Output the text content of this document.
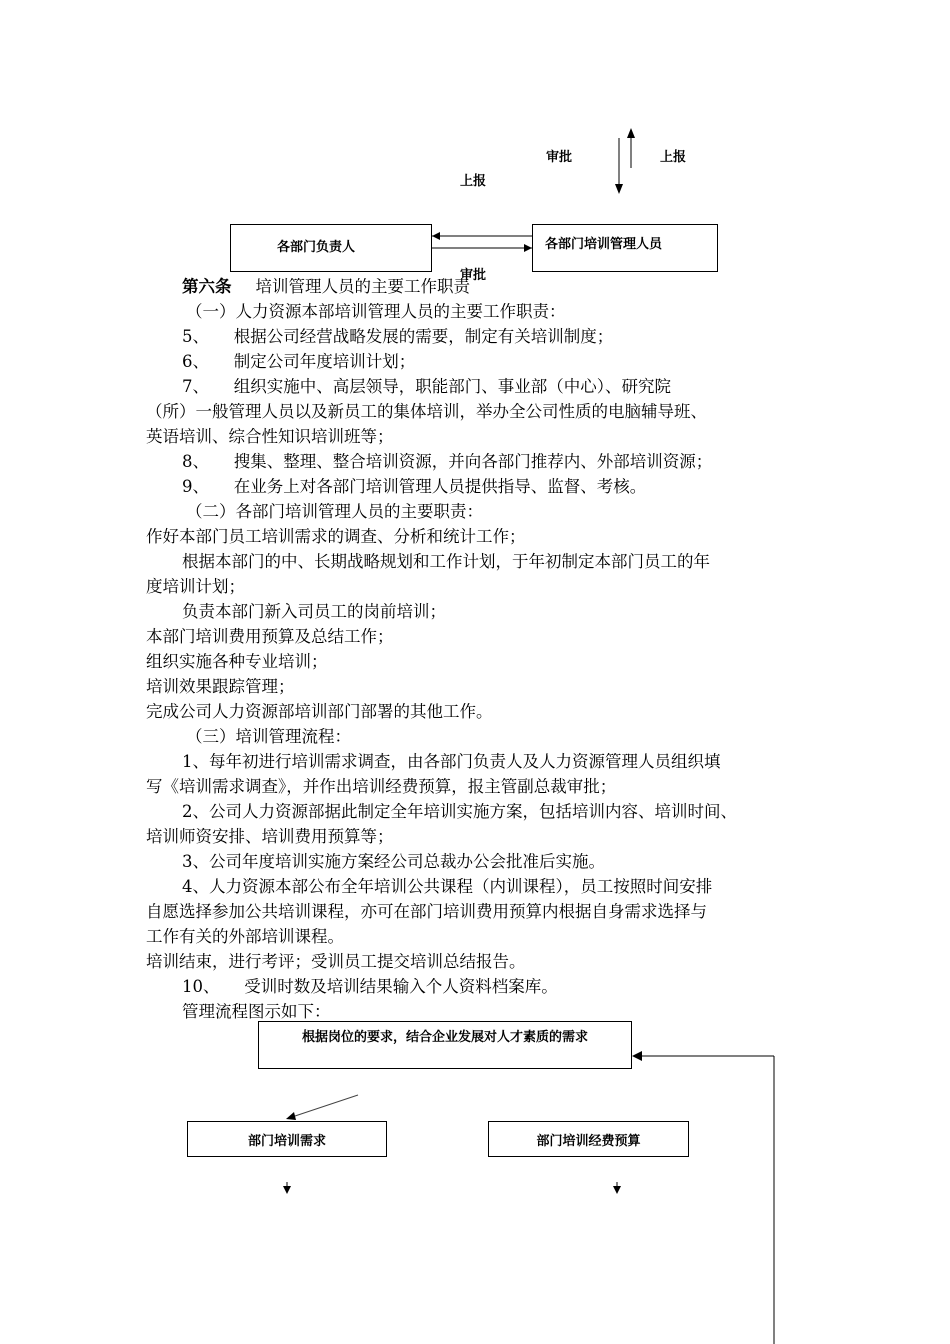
审批	上报
上报
各部门负责人	各部门培训管理人员
审批
第六条 培训管理人员的主要工作职责
（一）人力资源本部培训管理人员的主要工作职责：
5、　　根据公司经营战略发展的需要，制定有关培训制度；
6、　　制定公司年度培训计划；
7、　　组织实施中、高层领导，职能部门、事业部（中心）、研究院
（所）一般管理人员以及新员工的集体培训，举办全公司性质的电脑辅导班、
英语培训、综合性知识培训班等；
8、　　搜集、整理、整合培训资源，并向各部门推荐内、外部培训资源；
9、　　在业务上对各部门培训管理人员提供指导、监督、考核。
（二）各部门培训管理人员的主要职责：
作好本部门员工培训需求的调查、分析和统计工作；
根据本部门的中、长期战略规划和工作计划，于年初制定本部门员工的年
度培训计划；
负责本部门新入司员工的岗前培训；
本部门培训费用预算及总结工作；
组织实施各种专业培训；
培训效果跟踪管理；
完成公司人力资源部培训部门部署的其他工作。
（三）培训管理流程：
1、每年初进行培训需求调查，由各部门负责人及人力资源管理人员组织填
写《培训需求调查》，并作出培训经费预算，报主管副总裁审批；
2、公司人力资源部据此制定全年培训实施方案，包括培训内容、培训时间、
培训师资安排、培训费用预算等；
3、公司年度培训实施方案经公司总裁办公会批准后实施。
4、人力资源本部公布全年培训公共课程（内训课程），员工按照时间安排
自愿选择参加公共培训课程，亦可在部门培训费用预算内根据自身需求选择与
工作有关的外部培训课程。
培训结束，进行考评；受训员工提交培训总结报告。
10、　　受训时数及培训结果输入个人资料档案库。
管理流程图示如下：
根据岗位的要求，结合企业发展对人才素质的需求
部门培训需求	部门培训经费预算
